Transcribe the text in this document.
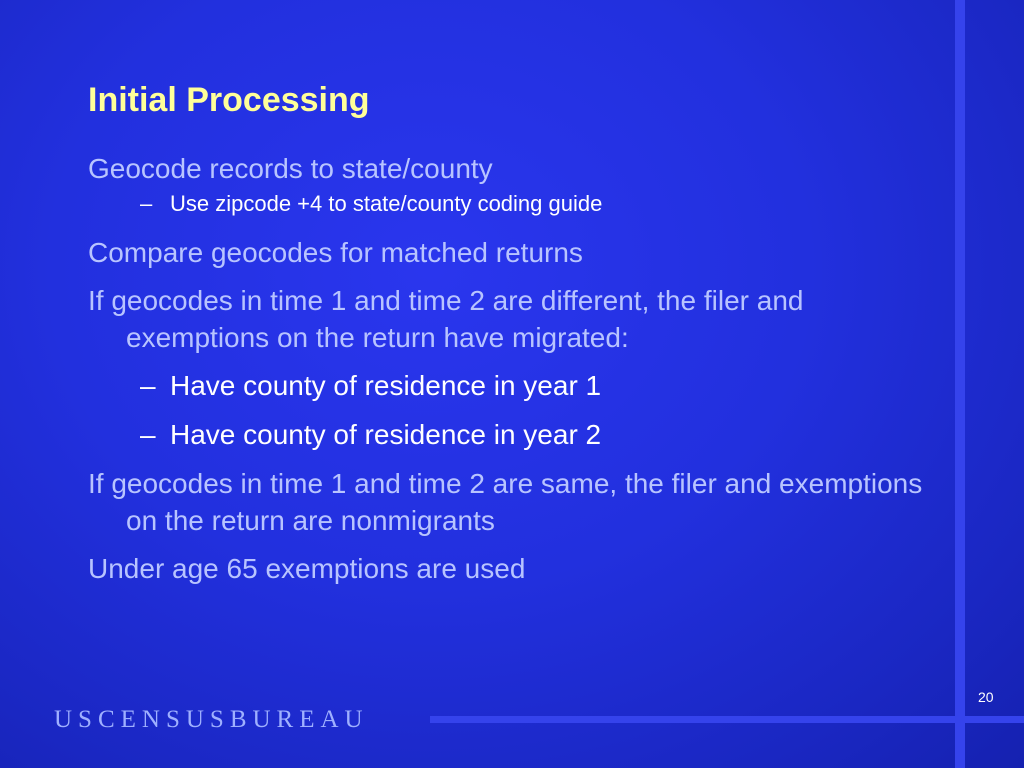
Initial Processing
Geocode records to state/county
– Use zipcode +4 to state/county coding guide
Compare geocodes for matched returns
If geocodes in time 1 and time 2 are different, the filer and exemptions on the return have migrated:
– Have county of residence in year 1
– Have county of residence in year 2
If geocodes in time 1 and time 2 are same, the filer and exemptions on the return are nonmigrants
Under age 65 exemptions are used
20
USCENSUSBUREAU
